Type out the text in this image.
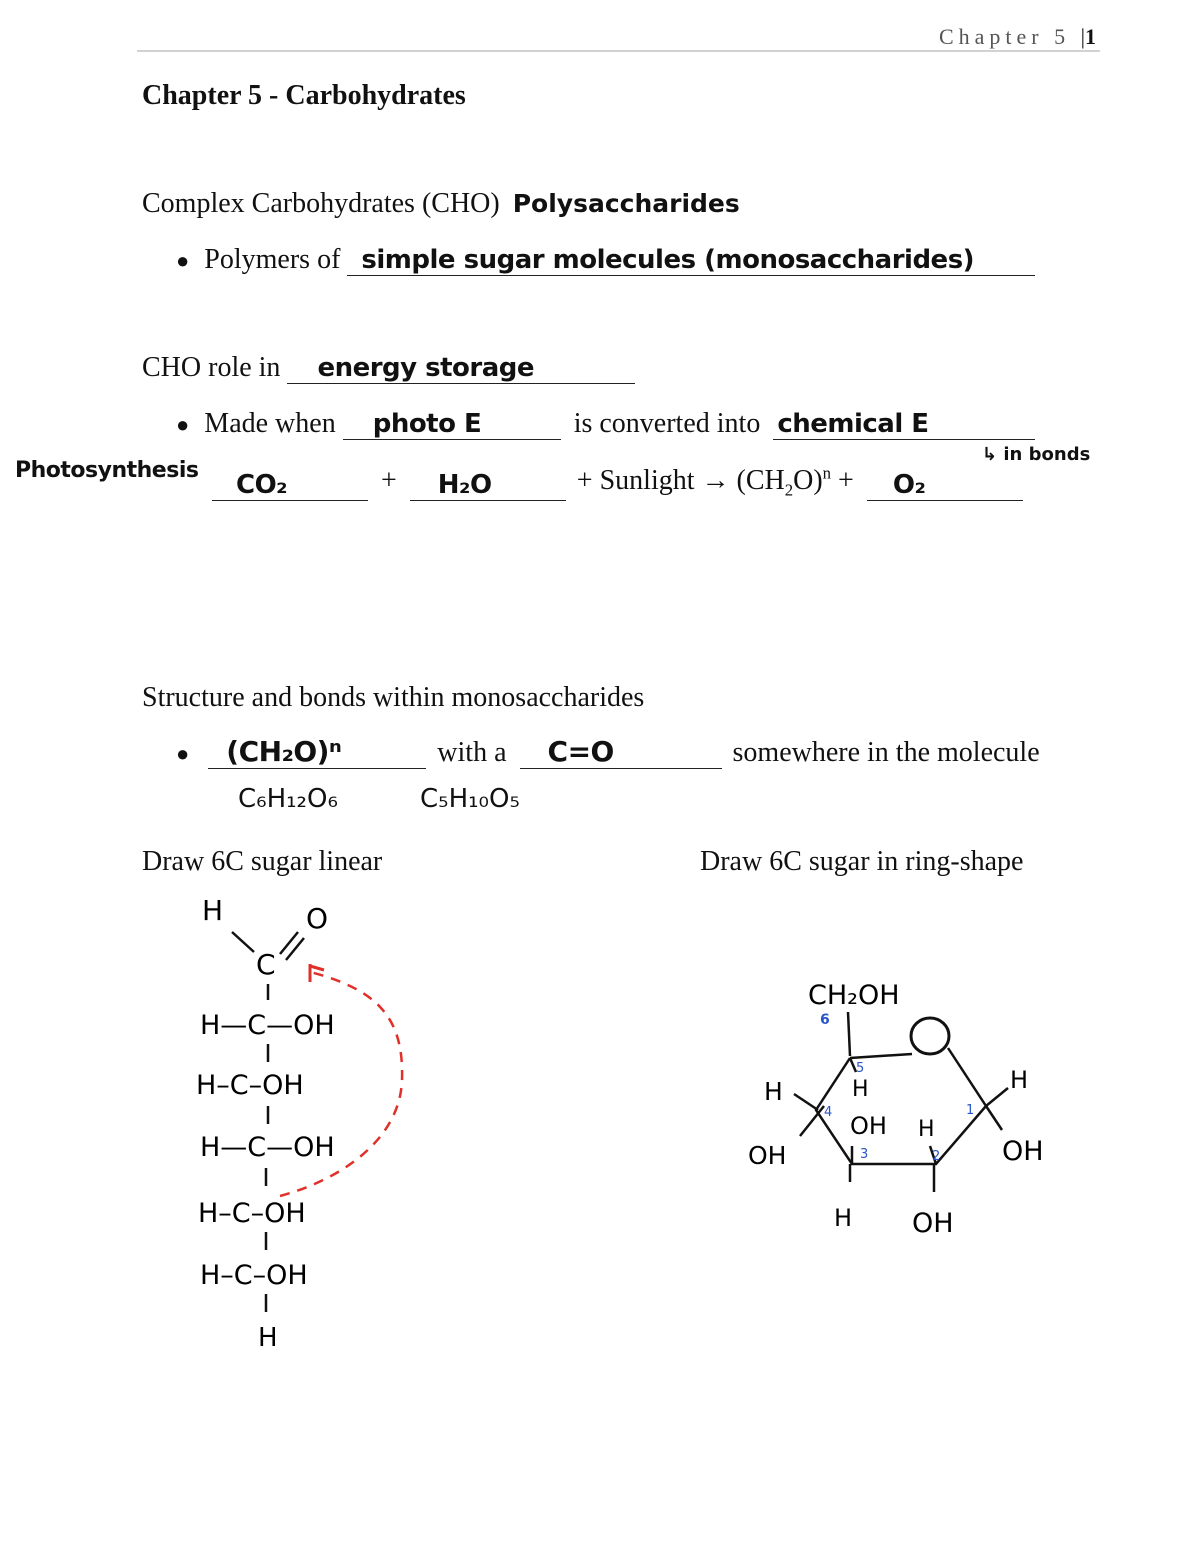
Chapter 5 |1
Chapter 5 - Carbohydrates
Complex Carbohydrates (CHO) Polysaccharides
● Polymers of simple sugar molecules (monosaccharides)
CHO role in energy storage
● Made when photo E	is converted into chemical E
↳ in bonds
Photosynthesis CO₂	+ H₂O	+ Sunlight → $(CH_2O)^n + O_2$
Structure and bonds within monosaccharides
● (CH₂O)ⁿ	with a C=O	somewhere in the molecule
C₆H₁₂O₆	C₅H₁₀O₅
Draw 6C sugar linear	Draw 6C sugar in ring-shape
H	O
C
H—C—OH
H–C–OH
H—C—OH
H–C–OH
H–C–OH
H
CH₂OH
6
H
OH
H
OH H
H
H
OH
OH
5
4
3	2
1
